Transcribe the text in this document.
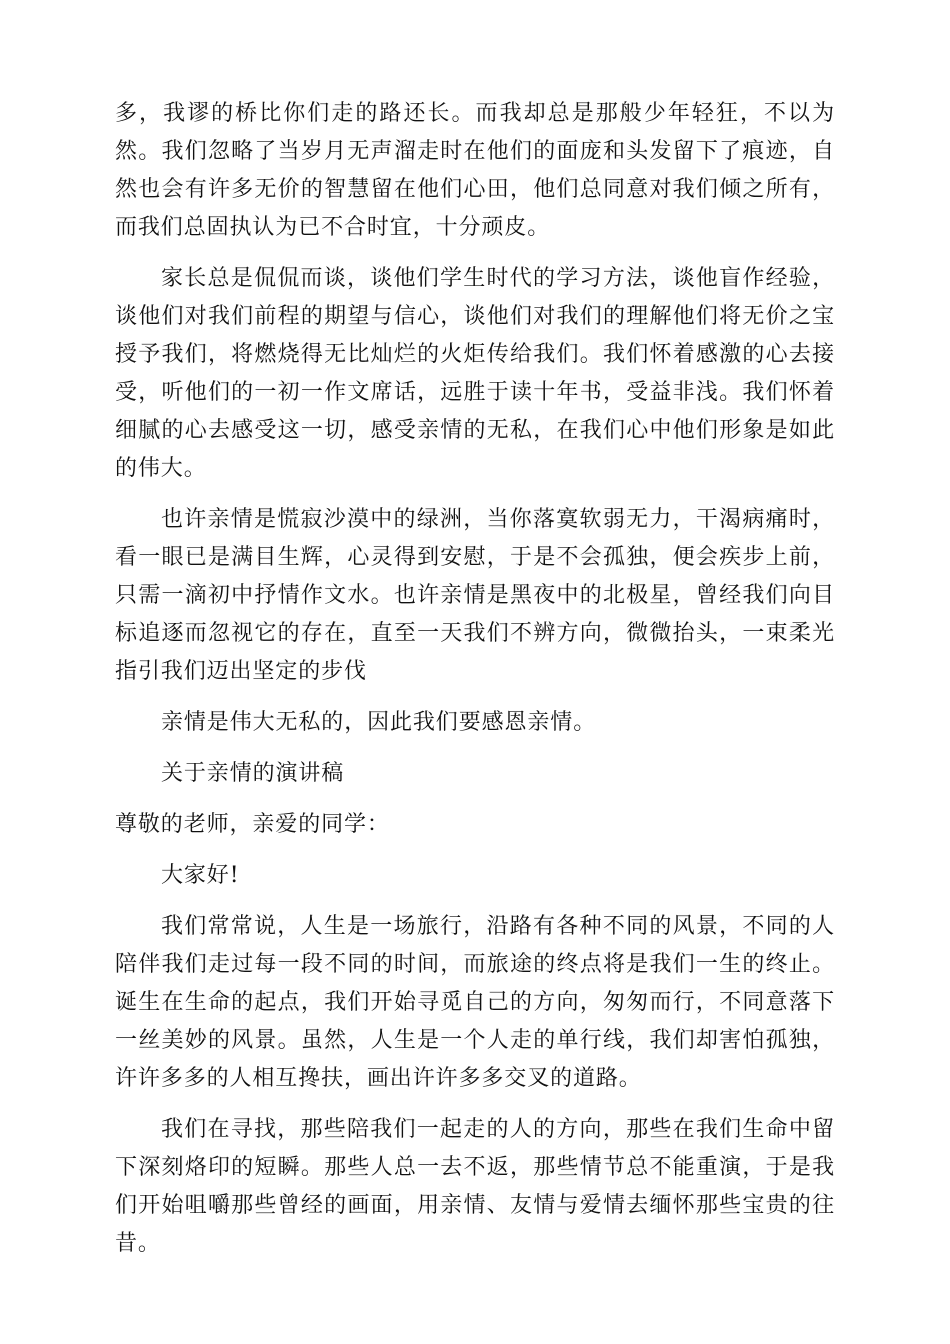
多，我谬的桥比你们走的路还长。而我却总是那般少年轻狂，不以为然。我们忽略了当岁月无声溜走时在他们的面庞和头发留下了痕迹，自然也会有许多无价的智慧留在他们心田，他们总同意对我们倾之所有，而我们总固执认为已不合时宜，十分顽皮。

家长总是侃侃而谈，谈他们学生时代的学习方法，谈他盲作经验，谈他们对我们前程的期望与信心，谈他们对我们的理解他们将无价之宝授予我们，将燃烧得无比灿烂的火炬传给我们。我们怀着感激的心去接受，听他们的一初一作文席话，远胜于读十年书，受益非浅。我们怀着细腻的心去感受这一切，感受亲情的无私，在我们心中他们形象是如此的伟大。

也许亲情是慌寂沙漠中的绿洲，当你落寞软弱无力，干渴病痛时，看一眼已是满目生辉，心灵得到安慰，于是不会孤独，便会疾步上前，只需一滴初中抒情作文水。也许亲情是黑夜中的北极星，曾经我们向目标追逐而忽视它的存在，直至一天我们不辨方向，微微抬头，一束柔光指引我们迈出坚定的步伐

亲情是伟大无私的，因此我们要感恩亲情。

关于亲情的演讲稿

尊敬的老师，亲爱的同学：

大家好!

我们常常说，人生是一场旅行，沿路有各种不同的风景，不同的人陪伴我们走过每一段不同的时间，而旅途的终点将是我们一生的终止。诞生在生命的起点，我们开始寻觅自己的方向，匆匆而行，不同意落下一丝美妙的风景。虽然，人生是一个人走的单行线，我们却害怕孤独，许许多多的人相互搀扶，画出许许多多交叉的道路。

我们在寻找，那些陪我们一起走的人的方向，那些在我们生命中留下深刻烙印的短瞬。那些人总一去不返，那些情节总不能重演，于是我们开始咀嚼那些曾经的画面，用亲情、友情与爱情去缅怀那些宝贵的往昔。
